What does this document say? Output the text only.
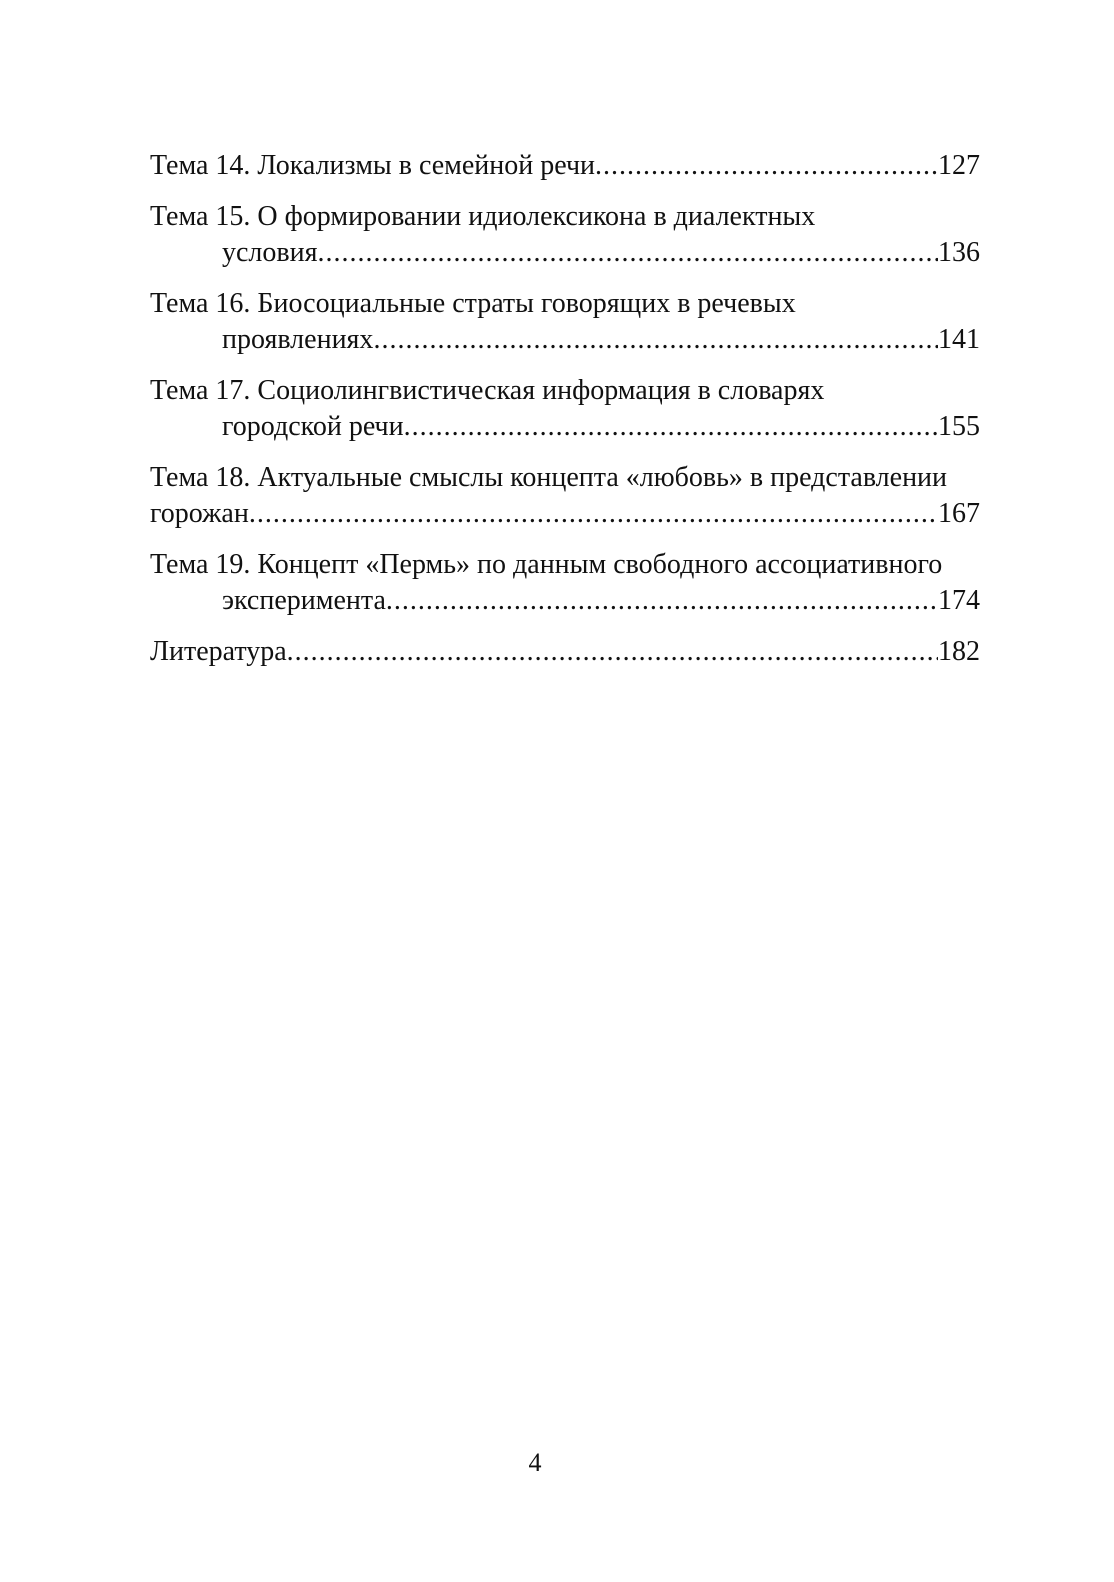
Тема 14. Локализмы в семейной речи .....	127
Тема 15. О формировании идиолексикона в диалектных
условия .....	136
Тема 16. Биосоциальные страты говорящих в речевых
проявлениях .....	141
Тема 17. Социолингвистическая информация в словарях
городской речи .....	155
Тема 18. Актуальные смыслы концепта «любовь» в представлении
горожан .....	167
Тема 19. Концепт «Пермь» по данным свободного ассоциативного
эксперимента .....	174
Литература .....	182
4
